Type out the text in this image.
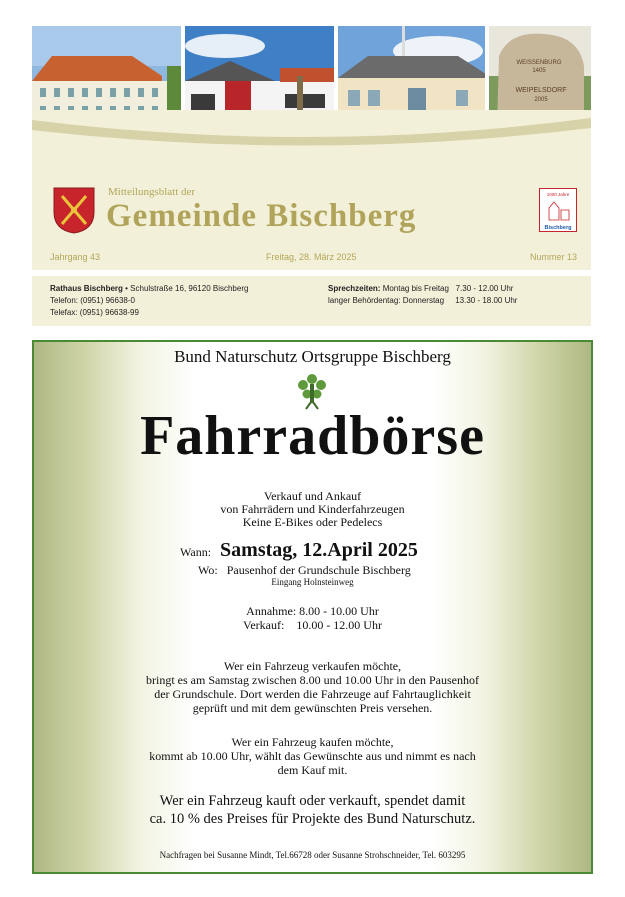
WEISSENBURG
1405
WEIPELSDORF
2005
Mitteilungsblatt der
Gemeinde Bischberg
1000 Jahre
Bischberg
Jahrgang 43	Freitag, 28. März 2025	Nummer 13
Rathaus Bischberg • Schulstraße 16, 96120 Bischberg
Telefon: (0951) 96638-0
Telefax: (0951) 96638-99
Sprechzeiten: Montag bis Freitag   7.30 - 12.00 Uhr
langer Behördentag: Donnerstag     13.30 - 18.00 Uhr
Bund Naturschutz Ortsgruppe Bischberg
Fahrradbörse
Verkauf und Ankauf
von Fahrrädern und Kinderfahrzeugen
Keine E-Bikes oder Pedelecs
Wann: Samstag, 12.April 2025
Wo: Pausenhof der Grundschule Bischberg
Eingang Holnsteinweg
Annahme: 8.00 - 10.00 Uhr
Verkauf:    10.00 - 12.00 Uhr
Wer ein Fahrzeug verkaufen möchte,
bringt es am Samstag zwischen 8.00 und 10.00 Uhr in den Pausenhof
der Grundschule. Dort werden die Fahrzeuge auf Fahrtauglichkeit
geprüft und mit dem gewünschten Preis versehen.
Wer ein Fahrzeug kaufen möchte,
kommt ab 10.00 Uhr, wählt das Gewünschte aus und nimmt es nach
dem Kauf mit.
Wer ein Fahrzeug kauft oder verkauft, spendet damit
ca. 10 % des Preises für Projekte des Bund Naturschutz.
Nachfragen bei Susanne Mindt, Tel.66728 oder Susanne Strohschneider, Tel. 603295
